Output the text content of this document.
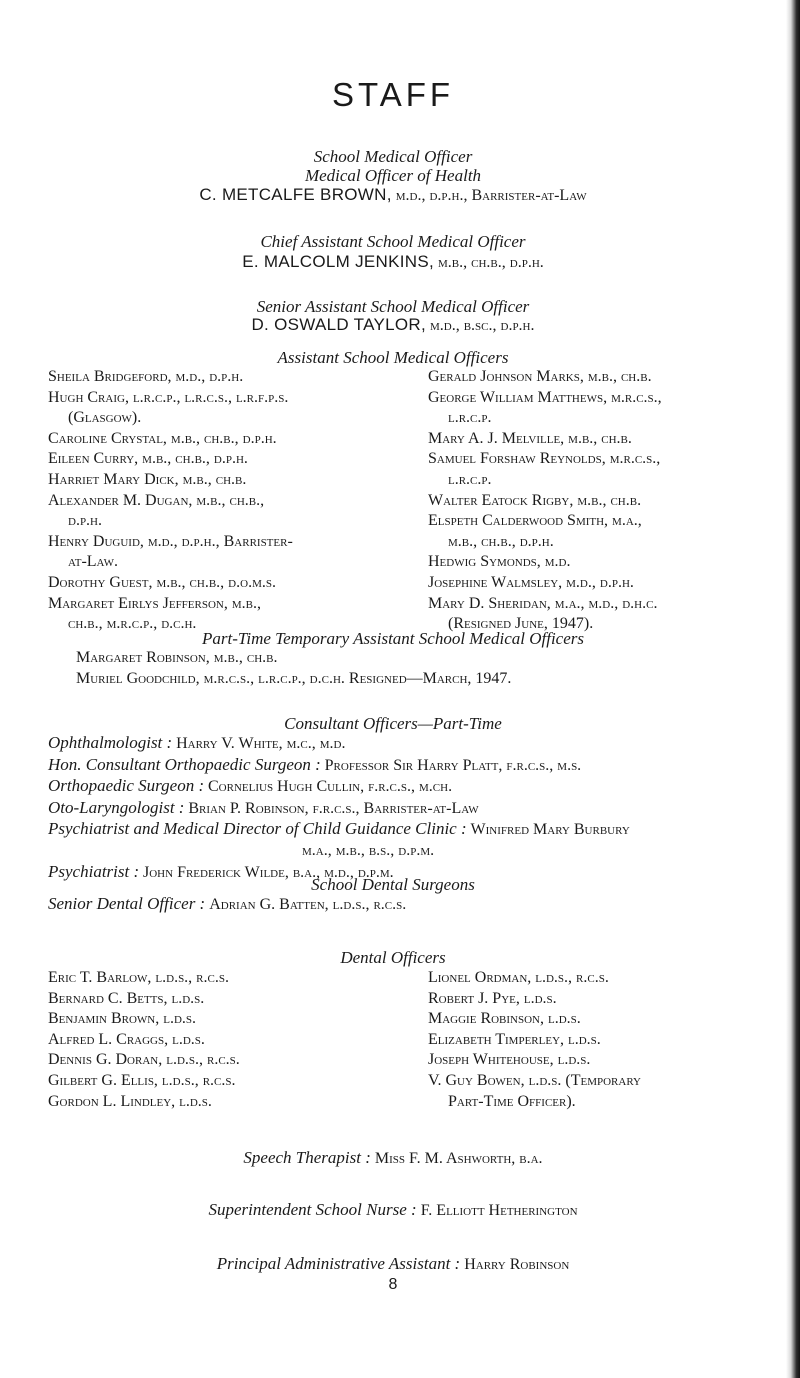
STAFF
School Medical Officer
Medical Officer of Health
C. METCALFE BROWN, m.d., d.p.h., Barrister-at-Law
Chief Assistant School Medical Officer
E. MALCOLM JENKINS, m.b., ch.b., d.p.h.
Senior Assistant School Medical Officer
D. OSWALD TAYLOR, m.d., b.sc., d.p.h.
Assistant School Medical Officers
Sheila Bridgeford, m.d., d.p.h.
Hugh Craig, l.r.c.p., l.r.c.s., l.r.f.p.s.
(Glasgow).
Caroline Crystal, m.b., ch.b., d.p.h.
Eileen Curry, m.b., ch.b., d.p.h.
Harriet Mary Dick, m.b., ch.b.
Alexander M. Dugan, m.b., ch.b.,
d.p.h.
Henry Duguid, m.d., d.p.h., Barrister-
at-Law.
Dorothy Guest, m.b., ch.b., d.o.m.s.
Margaret Eirlys Jefferson, m.b.,
ch.b., m.r.c.p., d.c.h.
Gerald Johnson Marks, m.b., ch.b.
George William Matthews, m.r.c.s.,
l.r.c.p.
Mary A. J. Melville, m.b., ch.b.
Samuel Forshaw Reynolds, m.r.c.s.,
l.r.c.p.
Walter Eatock Rigby, m.b., ch.b.
Elspeth Calderwood Smith, m.a.,
m.b., ch.b., d.p.h.
Hedwig Symonds, m.d.
Josephine Walmsley, m.d., d.p.h.
Mary D. Sheridan, m.a., m.d., d.h.c.
(Resigned June, 1947).
Part-Time Temporary Assistant School Medical Officers
Margaret Robinson, m.b., ch.b.
Muriel Goodchild, m.r.c.s., l.r.c.p., d.c.h. Resigned—March, 1947.
Consultant Officers—Part-Time
Ophthalmologist : Harry V. White, m.c., m.d.
Hon. Consultant Orthopaedic Surgeon : Professor Sir Harry Platt, f.r.c.s., m.s.
Orthopaedic Surgeon : Cornelius Hugh Cullin, f.r.c.s., m.ch.
Oto-Laryngologist : Brian P. Robinson, f.r.c.s., Barrister-at-Law
Psychiatrist and Medical Director of Child Guidance Clinic : Winifred Mary Burbury
m.a., m.b., b.s., d.p.m.
Psychiatrist : John Frederick Wilde, b.a., m.d., d.p.m.
School Dental Surgeons
Senior Dental Officer : Adrian G. Batten, l.d.s., r.c.s.
Dental Officers
Eric T. Barlow, l.d.s., r.c.s.
Bernard C. Betts, l.d.s.
Benjamin Brown, l.d.s.
Alfred L. Craggs, l.d.s.
Dennis G. Doran, l.d.s., r.c.s.
Gilbert G. Ellis, l.d.s., r.c.s.
Gordon L. Lindley, l.d.s.
Lionel Ordman, l.d.s., r.c.s.
Robert J. Pye, l.d.s.
Maggie Robinson, l.d.s.
Elizabeth Timperley, l.d.s.
Joseph Whitehouse, l.d.s.
V. Guy Bowen, l.d.s. (Temporary
Part-Time Officer).
Speech Therapist : Miss F. M. Ashworth, b.a.
Superintendent School Nurse : F. Elliott Hetherington
Principal Administrative Assistant : Harry Robinson
8
